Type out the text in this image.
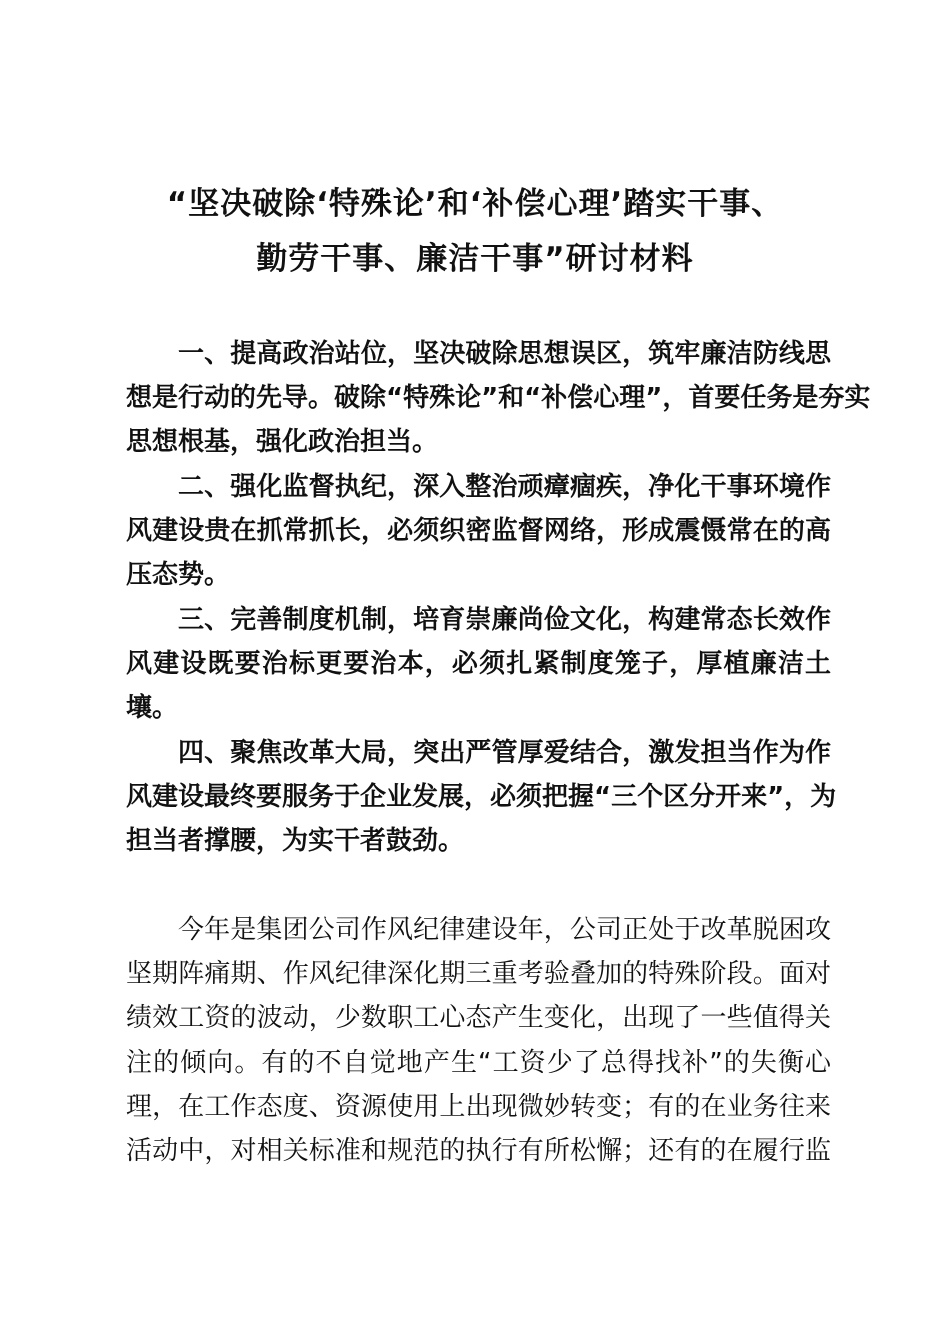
“坚决破除‘特殊论’和‘补偿心理’踏实干事、
勤劳干事、廉洁干事”研讨材料
一、提高政治站位，坚决破除思想误区，筑牢廉洁防线思
想是行动的先导。破除“特殊论”和“补偿心理”，首要任务是夯实
思想根基，强化政治担当。
二、强化监督执纪，深入整治顽瘴痼疾，净化干事环境作
风建设贵在抓常抓长，必须织密监督网络，形成震慑常在的高
压态势。
三、完善制度机制，培育崇廉尚俭文化，构建常态长效作
风建设既要治标更要治本，必须扎紧制度笼子，厚植廉洁土
壤。
四、聚焦改革大局，突出严管厚爱结合，激发担当作为作
风建设最终要服务于企业发展，必须把握“三个区分开来”，为
担当者撑腰，为实干者鼓劲。
今年是集团公司作风纪律建设年，公司正处于改革脱困攻
坚期阵痛期、作风纪律深化期三重考验叠加的特殊阶段。面对
绩效工资的波动，少数职工心态产生变化，出现了一些值得关
注的倾向。有的不自觉地产生“工资少了总得找补”的失衡心
理，在工作态度、资源使用上出现微妙转变；有的在业务往来
活动中，对相关标准和规范的执行有所松懈；还有的在履行监
